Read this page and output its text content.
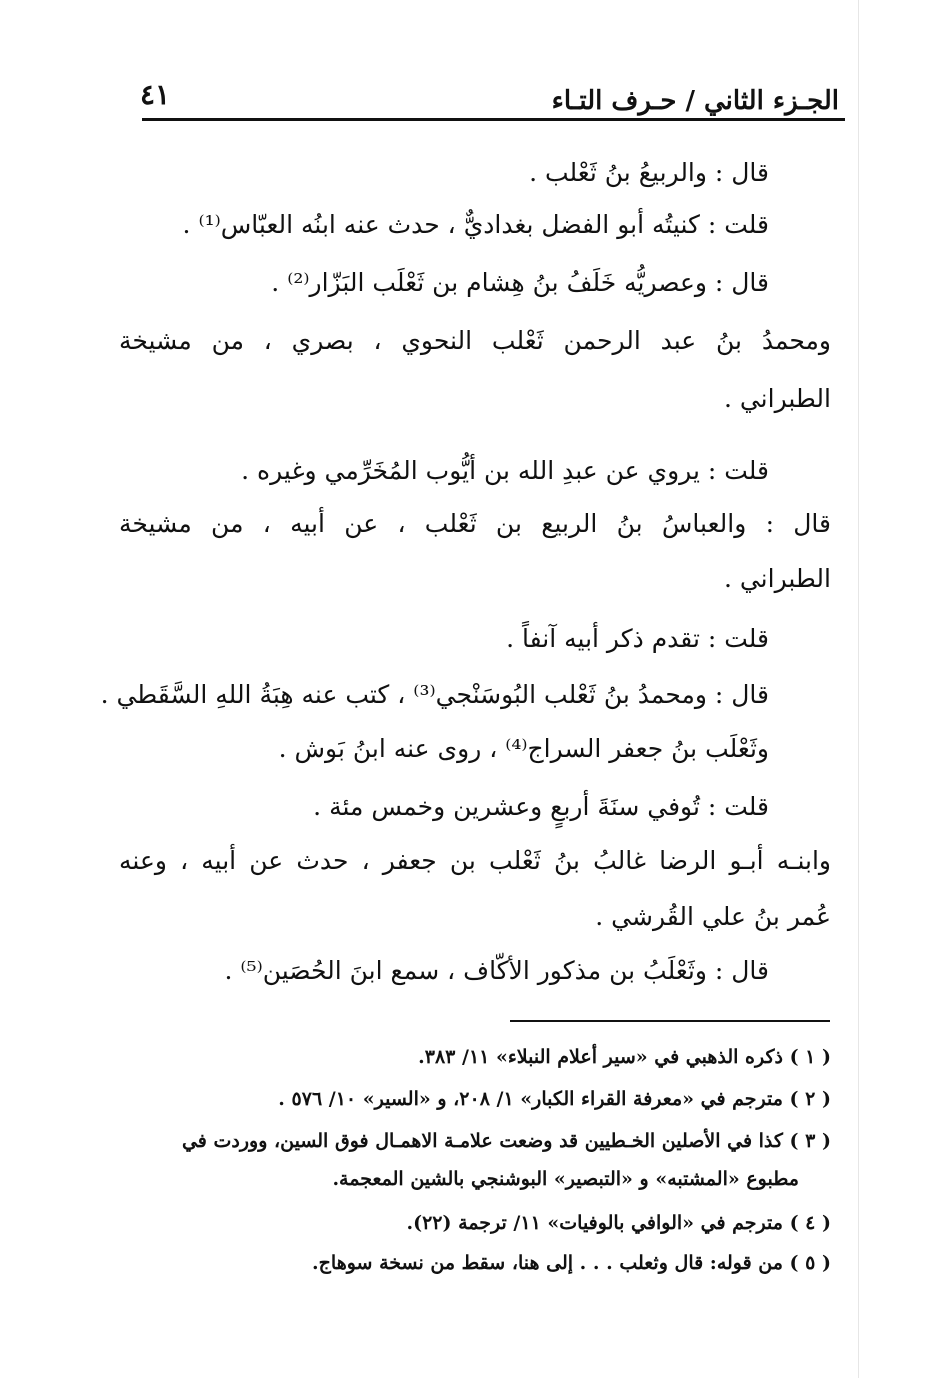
الجـزء الثاني / حـرف التـاء
٤١
قال : والربيعُ بنُ ثَعْلب .
قلت : كنيتُه أبو الفضل بغداديٌّ ، حدث عنه ابنُه العبّاس⁽¹⁾ .
قال : وعصريُّه خَلَفُ بنُ هِشام بن ثَعْلَب البَزّار⁽²⁾ .
ومحمدُ بنُ عبد الرحمن ثَعْلب النحوي ، بصري ، من مشيخة
الطبراني .
قلت : يروي عن عبدِ الله بن أيُّوب المُخَرِّمي وغيره .
قال : والعباسُ بنُ الربيع بن ثَعْلب ، عن أبيه ، من مشيخة
الطبراني .
قلت : تقدم ذكر أبيه آنفاً .
قال : ومحمدُ بنُ ثَعْلب البُوسَنْجي⁽³⁾ ، كتب عنه هِبَةُ اللهِ السَّقَطي .
وثَعْلَب بنُ جعفر السراج⁽⁴⁾ ، روى عنه ابنُ بَوش .
قلت : تُوفي سنَةَ أربعٍ وعشرين وخمس مئة .
وابنـه أبـو الرضا غالبُ بنُ ثَعْلب بن جعفر ، حدث عن أبيه ، وعنه
عُمر بنُ علي القُرشي .
قال : وثَعْلَبُ بن مذكور الأكّاف ، سمع ابنَ الحُصَين⁽⁵⁾ .
( ١ ) ذكره الذهبي في «سير أعلام النبلاء» ١١/ ٣٨٣.
( ٢ ) مترجم في «معرفة القراء الكبار» ١/ ٢٠٨، و «السير» ١٠/ ٥٧٦ .
( ٣ ) كذا في الأصلين الخـطيين قد وضعت علامـة الاهمـال فوق السين، ووردت في
مطبوع «المشتبه» و «التبصير» البوشنجي بالشين المعجمة.
( ٤ ) مترجم في «الوافي بالوفيات» ١١/ ترجمة (٢٢).
( ٥ ) من قوله: قال وثعلب . . . إلى هنا، سقط من نسخة سوهاج.
